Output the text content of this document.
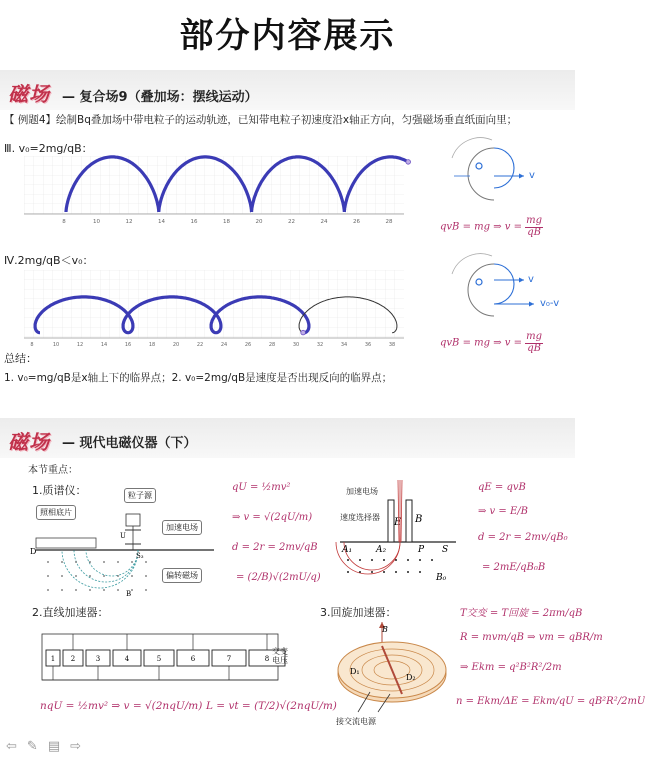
部分内容展示
磁场 — 复合场9（叠加场：摆线运动）
【 例题4】绘制Bq叠加场中带电粒子的运动轨迹，已知带电粒子初速度沿x轴正方向，匀强磁场垂直纸面向里；
Ⅲ. v₀=2mg/qB：
8	10	12	14	16	18	20	22	24	26	28
v
qvB = mg ⇒ $v = \frac{mg}{qB}$
Ⅳ.2mg/qB＜v₀：
8	10	12	14	16	18	20	22	24	26	28	30	32	34	36	38
v
v₀-v
qvB = mg ⇒ $v = \frac{mg}{qB}$
总结：
1. v₀=mg/qB是x轴上下的临界点；2. v₀=2mg/qB是速度是否出现反向的临界点；
磁场 — 现代电磁仪器（下）
本节重点：
1.质谱仪：
D	S₃
U
B
粒子源
照相底片
加速电场
偏转磁场
qU = ½mv²
⇒ v = √(2qU/m)
d = 2r = 2mv/qB
= (2/B)√(2mU/q)
E B
A₁	A₂	P S
B₀
加速电场
速度选择器
qE = qvB
⇒ v = E/B
d = 2r = 2mv/qB₀
= 2mE/qB₀B
2.直线加速器：	3.回旋加速器：
1 2	3	4	5	6	7	8
交变电压
nqU = ½mv² ⇒ v = √(2nqU/m) L = vt = (T/2)√(2nqU/m)
D₁
D₂
B
接交流电源
T交变 = T回旋 = 2πm/qB
R = mvm/qB ⇒ vm = qBR/m
⇒ Ekm = q²B²R²/2m
n = Ekm/ΔE = Ekm/qU = qB²R²/2mU
⇦✎▤⇨
